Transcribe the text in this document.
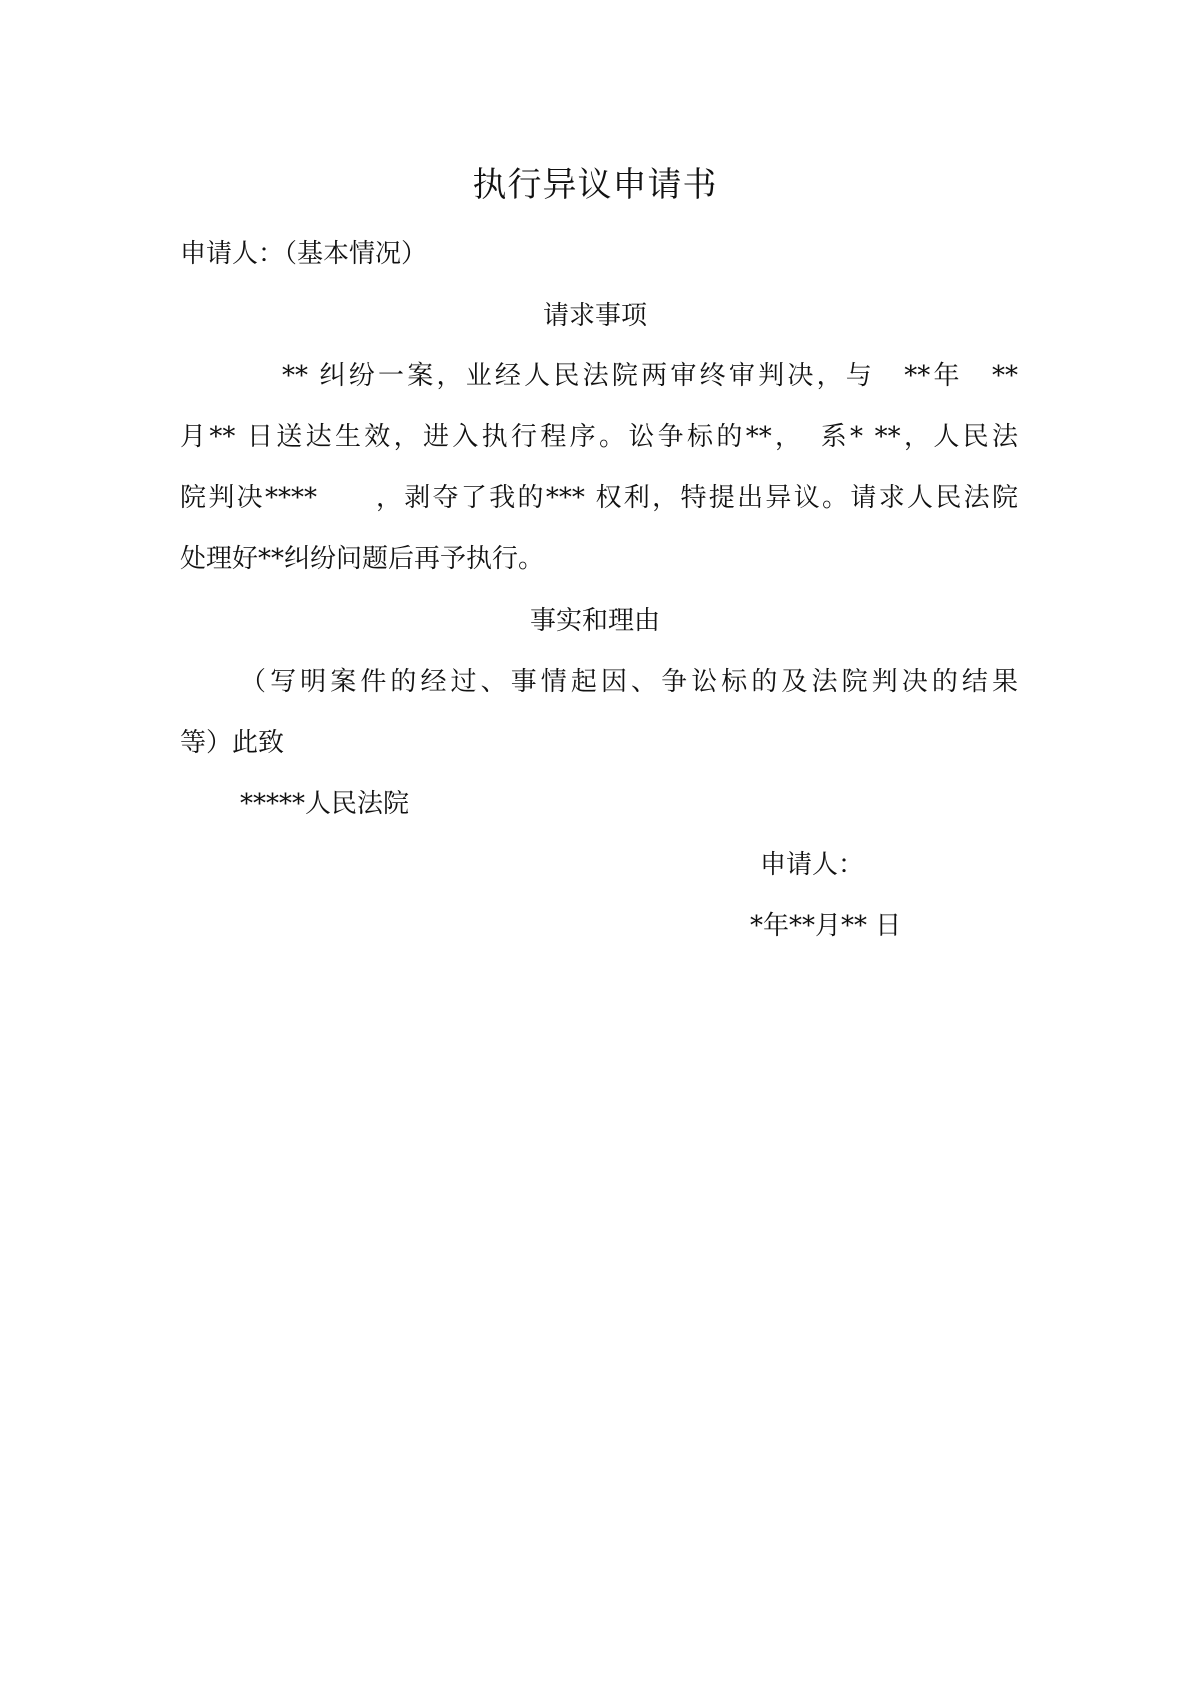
执行异议申请书
申请人：（基本情况）
请求事项
** 纠纷一案，业经人民法院两审终审判决，与　**年　**
月** 日送达生效，进入执行程序。讼争标的**，　系* **，人民法
院判决****　　，剥夺了我的*** 权利，特提出异议。请求人民法院
处理好**纠纷问题后再予执行。
事实和理由
（写明案件的经过、事情起因、争讼标的及法院判决的结果
等）此致
*****人民法院
申请人：
*年**月** 日
